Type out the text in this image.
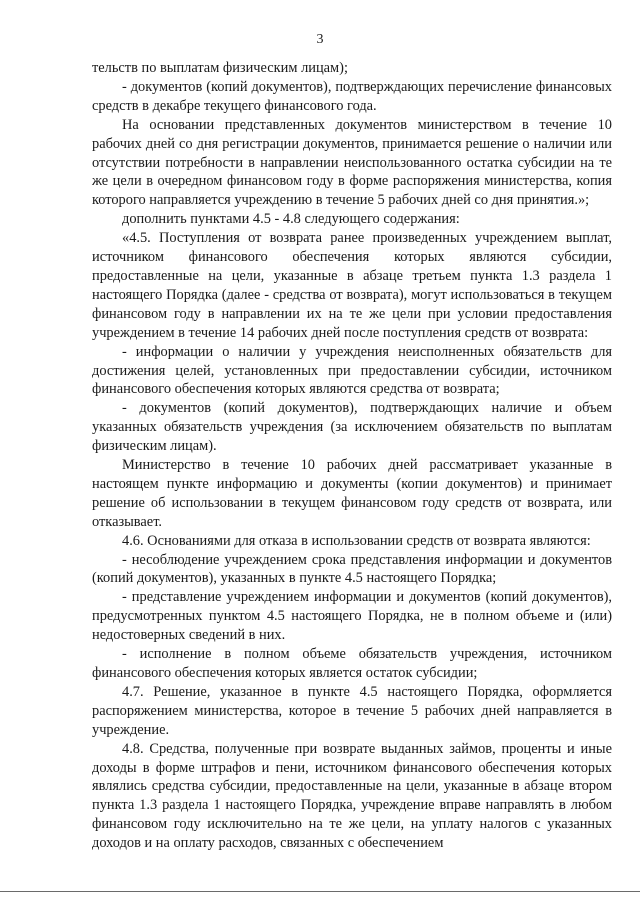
3

тельств по выплатам физическим лицам);

- документов (копий документов), подтверждающих перечисление финансовых средств в декабре текущего финансового года.

На основании представленных документов министерством в течение 10 рабочих дней со дня регистрации документов, принимается решение о наличии или отсутствии потребности в направлении неиспользованного остатка субсидии на те же цели в очередном финансовом году в форме распоряжения министерства, копия которого направляется учреждению в течение 5 рабочих дней со дня принятия.»;

дополнить пунктами 4.5 - 4.8 следующего содержания:

«4.5. Поступления от возврата ранее произведенных учреждением выплат, источником финансового обеспечения которых являются субсидии, предоставленные на цели, указанные в абзаце третьем пункта 1.3 раздела 1 настоящего Порядка (далее - средства от возврата), могут использоваться в текущем финансовом году в направлении их на те же цели при условии предоставления учреждением в течение 14 рабочих дней после поступления средств от возврата:

- информации о наличии у учреждения неисполненных обязательств для достижения целей, установленных при предоставлении субсидии, источником финансового обеспечения которых являются средства от возврата;

- документов (копий документов), подтверждающих наличие и объем указанных обязательств учреждения (за исключением обязательств по выплатам физическим лицам).

Министерство в течение 10 рабочих дней рассматривает указанные в настоящем пункте информацию и документы (копии документов) и принимает решение об использовании в текущем финансовом году средств от возврата, или отказывает.

4.6. Основаниями для отказа в использовании средств от возврата являются:

- несоблюдение учреждением срока представления информации и документов (копий документов), указанных в пункте 4.5 настоящего Порядка;

- представление учреждением информации и документов (копий документов), предусмотренных пунктом 4.5 настоящего Порядка, не в полном объеме и (или) недостоверных сведений в них.

- исполнение в полном объеме обязательств учреждения, источником финансового обеспечения которых является остаток субсидии;

4.7. Решение, указанное в пункте 4.5 настоящего Порядка, оформляется распоряжением министерства, которое в течение 5 рабочих дней направляется в учреждение.

4.8. Средства, полученные при возврате выданных займов, проценты и иные доходы в форме штрафов и пени, источником финансового обеспечения которых являлись средства субсидии, предоставленные на цели, указанные в абзаце втором пункта 1.3 раздела 1 настоящего Порядка, учреждение вправе направлять в любом финансовом году исключительно на те же цели, на уплату налогов с указанных доходов и на оплату расходов, связанных с обеспечением
